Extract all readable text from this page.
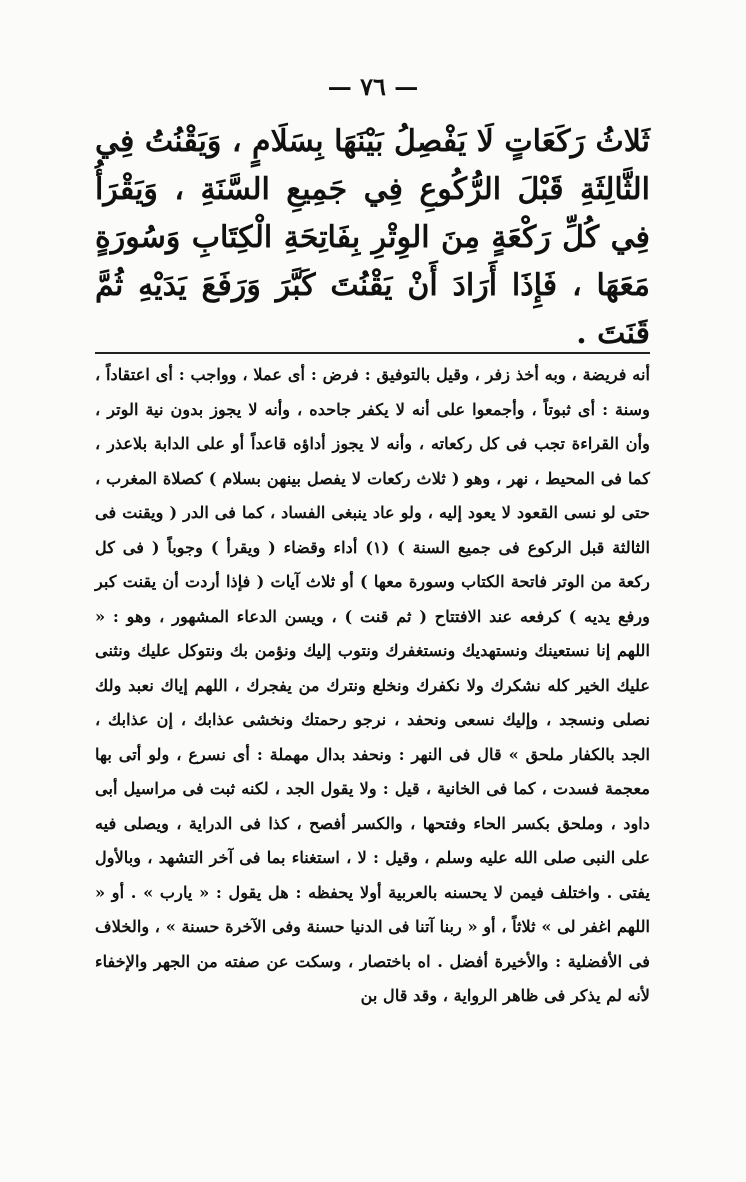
— ٧٦ —

ثَلاثُ رَكَعَاتٍ لَا يَفْصِلُ بَيْنَهَا بِسَلَامٍ ، وَيَقْنُتُ فِي الثَّالِثَةِ قَبْلَ الرُّكُوعِ فِي جَمِيعِ السَّنَةِ ، وَيَقْرَأُ فِي كُلِّ رَكْعَةٍ مِنَ الوِتْرِ بِفَاتِحَةِ الْكِتَابِ وَسُورَةٍ مَعَهَا ، فَإِذَا أَرَادَ أَنْ يَقْنُتَ كَبَّرَ وَرَفَعَ يَدَيْهِ ثُمَّ قَنَتَ .

أنه فريضة ، وبه أخذ زفر ، وقيل بالتوفيق : فرض : أى عملا ، وواجب : أى اعتقاداً ، وسنة : أى ثبوتاً ، وأجمعوا على أنه لا يكفر جاحده ، وأنه لا يجوز بدون نية الوتر ، وأن القراءة تجب فى كل ركعاته ، وأنه لا يجوز أداؤه قاعداً أو على الدابة بلاعذر ، كما فى المحيط ، نهر ، وهو ( ثلاث ركعات لا يفصل بينهن بسلام ) كصلاة المغرب ، حتى لو نسى القعود لا يعود إليه ، ولو عاد ينبغى الفساد ، كما فى الدر ( ويقنت فى الثالثة قبل الركوع فى جميع السنة ) (١) أداء وقضاء ( ويقرأ ) وجوباً ( فى كل ركعة من الوتر فاتحة الكتاب وسورة معها ) أو ثلاث آيات ( فإذا أردت أن يقنت كبر ورفع يديه ) كرفعه عند الافتتاح ( ثم قنت ) ، ويسن الدعاء المشهور ، وهو : « اللهم إنا نستعينك ونستهديك ونستغفرك ونتوب إليك ونؤمن بك ونتوكل عليك ونثنى عليك الخير كله نشكرك ولا نكفرك ونخلع ونترك من يفجرك ، اللهم إياك نعبد ولك نصلى ونسجد ، وإليك نسعى ونحفد ، نرجو رحمتك ونخشى عذابك ، إن عذابك ، الجد بالكفار ملحق » قال فى النهر : ونحفد بدال مهملة : أى نسرع ، ولو أتى بها معجمة فسدت ، كما فى الخانية ، قيل : ولا يقول الجد ، لكنه ثبت فى مراسيل أبى داود ، وملحق بكسر الحاء وفتحها ، والكسر أفصح ، كذا فى الدراية ، ويصلى فيه على النبى صلى الله عليه وسلم ، وقيل : لا ، استغناء بما فى آخر التشهد ، وبالأول يفتى . واختلف فيمن لا يحسنه بالعربية أولا يحفظه : هل يقول : « يارب » . أو « اللهم اغفر لى » ثلاثاً ، أو « ربنا آتنا فى الدنيا حسنة وفى الآخرة حسنة » ، والخلاف فى الأفضلية : والأخيرة أفضل . اه باختصار ، وسكت عن صفته من الجهر والإخفاء لأنه لم يذكر فى ظاهر الرواية ، وقد قال بن
